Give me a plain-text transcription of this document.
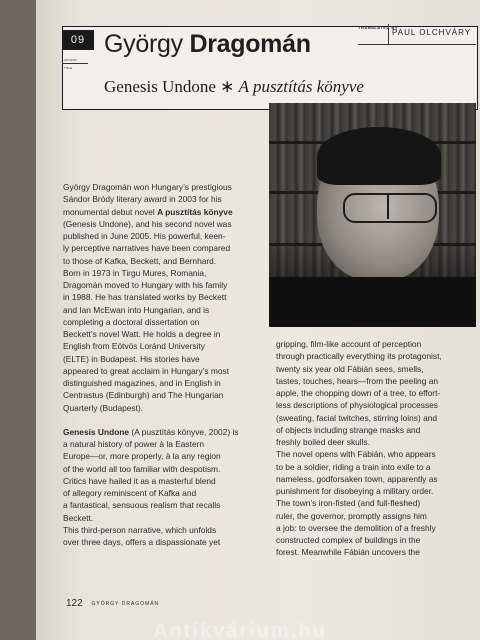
09
AUTHOR
TITLE
György Dragomán
TRANSLATED BY
PAUL OLCHVÁRY
Genesis Undone ∗ A pusztítás könyve

György Dragomán won Hungary’s prestigious

Sándor Bródy literary award in 2003 for his

monumental debut novel A pusztítás könyve

(Genesis Undone), and his second novel was

published in June 2005. His powerful, keen-

ly perceptive narratives have been compared

to those of Kafka, Beckett, and Bernhard.

Born in 1973 in Tirgu Mures, Romania,

Dragomán moved to Hungary with his family

in 1988. He has translated works by Beckett

and Ian McEwan into Hungarian, and is

completing a doctoral dissertation on

Beckett’s novel Watt. He holds a degree in

English from Eötvös Loránd University

(ELTE) in Budapest. His stories have

appeared to great acclaim in Hungary’s most

distinguished magazines, and in English in

Centrastus (Edinburgh) and The Hungarian

Quarterly (Budapest).

Genesis Undone (A pusztítás könyve, 2002) is

a natural history of power à la Eastern

Europe—or, more properly, à la any region

of the world all too familiar with despotism.

Critics have hailed it as a masterful blend

of allegory reminiscent of Kafka and

a fantastical, sensuous realism that recalls

Beckett.

This third-person narrative, which unfolds

over three days, offers a dispassionate yet

gripping, film-like account of perception

through practically everything its protagonist,

twenty six year old Fábián sees, smells,

tastes, touches, hears—from the peeling an

apple, the chopping down of a tree, to effort-

less descriptions of physiological processes

(sweating, facial twitches, stirring loins) and

of objects including strange masks and

freshly boiled deer skulls.

The novel opens with Fábián, who appears

to be a soldier, riding a train into exile to a

nameless, godforsaken town, apparently as

punishment for disobeying a military order.

The town’s iron-fisted (and full-fleshed)

ruler, the governor, promptly assigns him

a job: to oversee the demolition of a freshly

constructed complex of buildings in the

forest. Meanwhile Fábián uncovers the

122 GYÖRGY DRAGOMÁN
Antikvárium.hu
